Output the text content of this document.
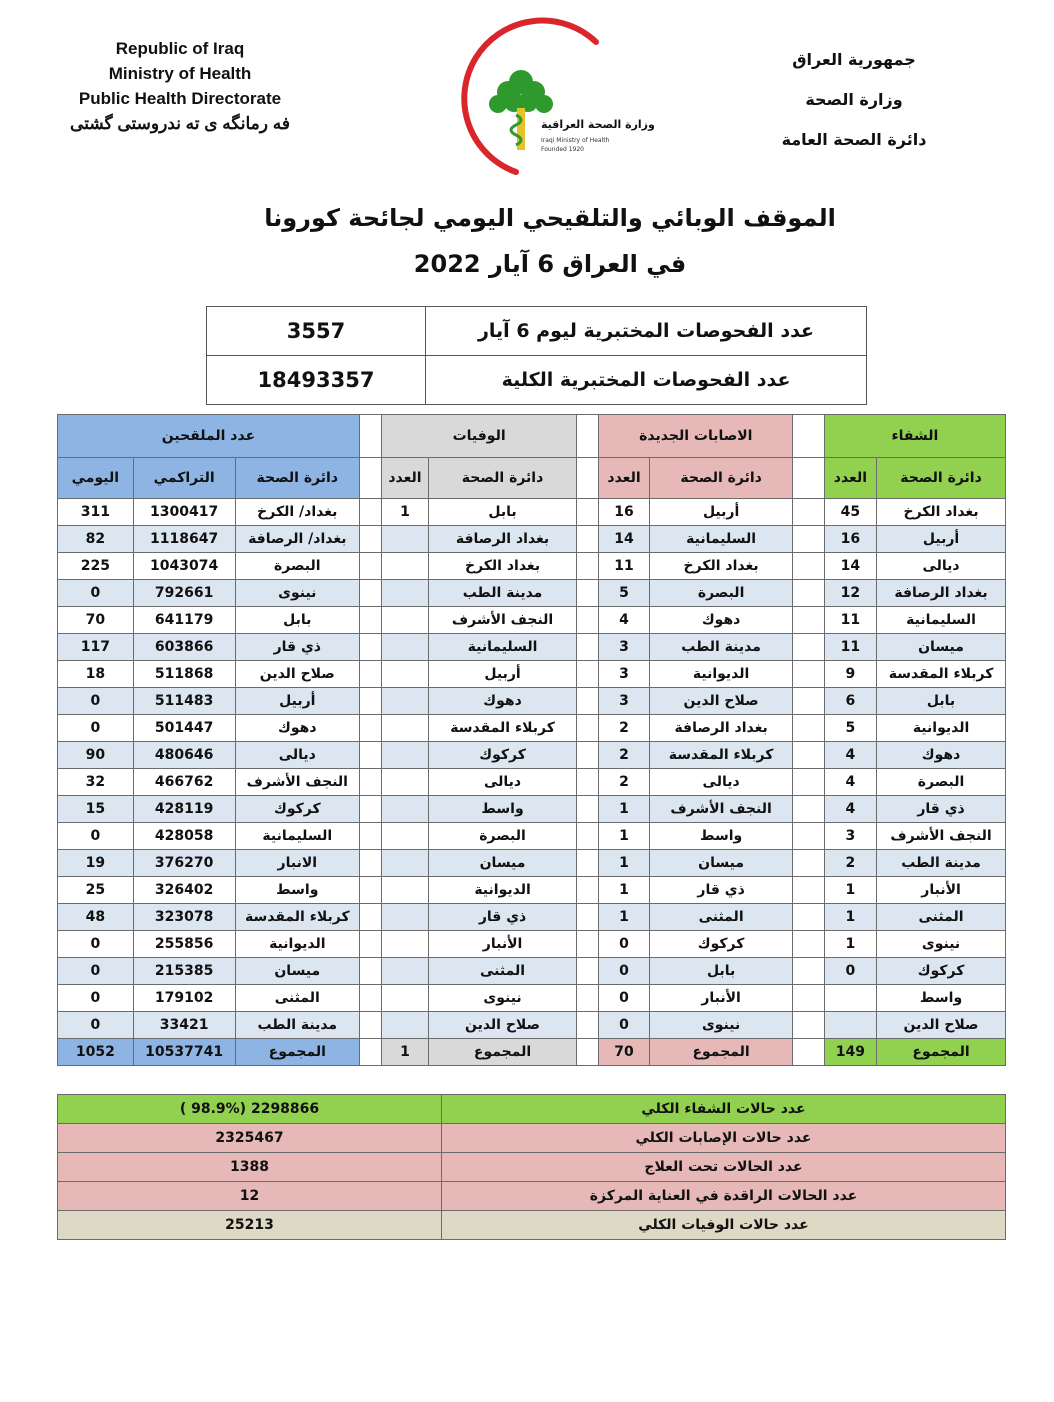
Republic of Iraq
Ministry of Health
Public Health Directorate
فه رمانگه ی ته ندروستی گشتی
جمهورية العراق
وزارة الصحة
دائرة الصحة العامة
وزارة الصحة العراقية
Iraqi Ministry of Health
Founded 1920
الموقف الوبائي والتلقيحي اليومي لجائحة كورونا
في العراق 6 آيار 2022
3557	عدد الفحوصات المختبرية ليوم 6 آيار
18493357	عدد الفحوصات المختبرية الكلية
الشفاء			الاصابات الجديدة			الوفيات			عدد الملقحين		
دائرة الصحة	العدد		دائرة الصحة	العدد		دائرة الصحة	العدد		دائرة الصحة	التراكمي	اليومي
بغداد الكرخ	45		أربيل	16		بابل	1		بغداد/ الكرخ	1300417	311
أربيل	16		السليمانية	14		بغداد الرصافة			بغداد/ الرصافة	1118647	82
ديالى	14		بغداد الكرخ	11		بغداد الكرخ			البصرة	1043074	225
بغداد الرصافة	12		البصرة	5		مدينة الطب			نينوى	792661	0
السليمانية	11		دهوك	4		النجف الأشرف			بابل	641179	70
ميسان	11		مدينة الطب	3		السليمانية			ذي قار	603866	117
كربلاء المقدسة	9		الديوانية	3		أربيل			صلاح الدين	511868	18
بابل	6		صلاح الدين	3		دهوك			أربيل	511483	0
الديوانية	5		بغداد الرصافة	2		كربلاء المقدسة			دهوك	501447	0
دهوك	4		كربلاء المقدسة	2		كركوك			ديالى	480646	90
البصرة	4		ديالى	2		ديالى			النجف الأشرف	466762	32
ذي قار	4		النجف الأشرف	1		واسط			كركوك	428119	15
النجف الأشرف	3		واسط	1		البصرة			السليمانية	428058	0
مدينة الطب	2		ميسان	1		ميسان			الانبار	376270	19
الأنبار	1		ذي قار	1		الديوانية			واسط	326402	25
المثنى	1		المثنى	1		ذي قار			كربلاء المقدسة	323078	48
نينوى	1		كركوك	0		الأنبار			الديوانية	255856	0
كركوك	0		بابل	0		المثنى			ميسان	215385	0
واسط			الأنبار	0		نينوى			المثنى	179102	0
صلاح الدين			نينوى	0		صلاح الدين			مدينة الطب	33421	0
المجموع	149		المجموع	70		المجموع	1		المجموع	10537741	1052
عدد حالات الشفاء الكلي	( 98.9%) 2298866
عدد حالات الإصابات الكلي	2325467
عدد الحالات تحت العلاج	1388
عدد الحالات الراقدة في العناية المركزة	12
عدد حالات الوفيات الكلي	25213
